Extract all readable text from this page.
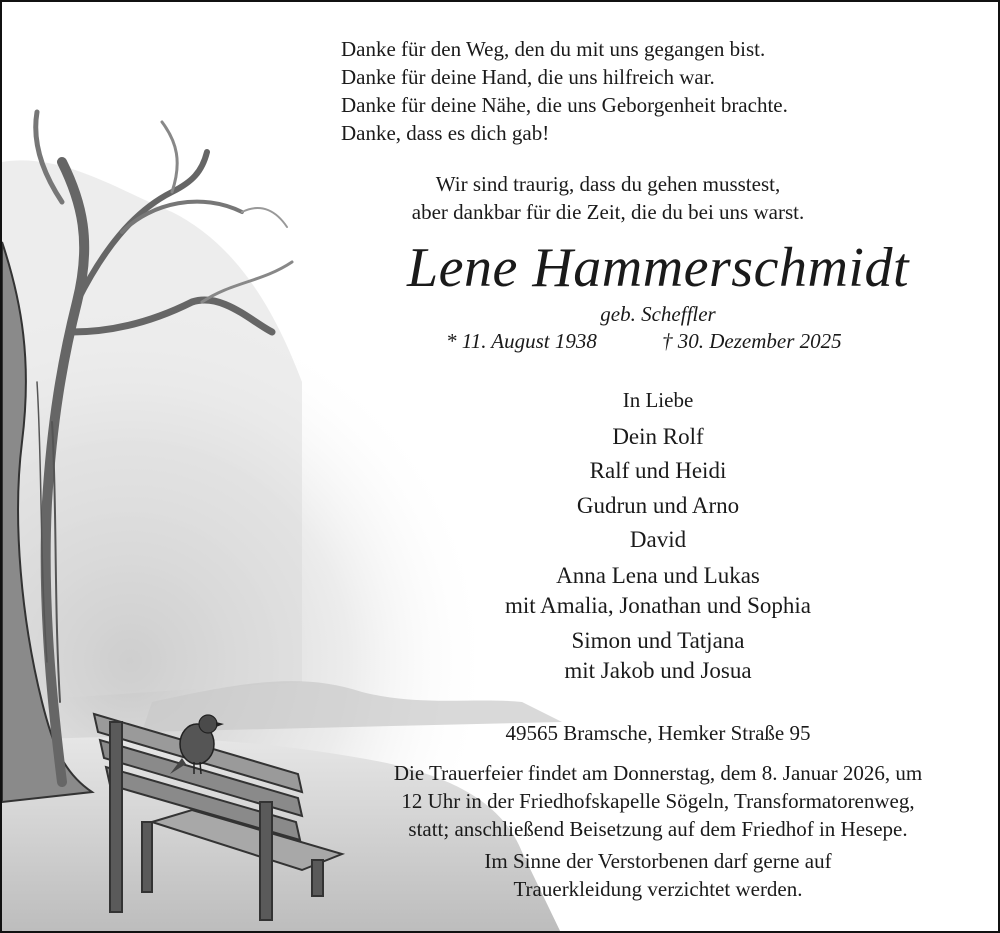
Danke für den Weg, den du mit uns gegangen bist.
Danke für deine Hand, die uns hilfreich war.
Danke für deine Nähe, die uns Geborgenheit brachte.
Danke, dass es dich gab!
Wir sind traurig, dass du gehen musstest,
aber dankbar für die Zeit, die du bei uns warst.
Lene Hammerschmidt
geb. Scheffler
* 11. August 1938	† 30. Dezember 2025
In Liebe
Dein Rolf
Ralf und Heidi
Gudrun und Arno
David
Anna Lena und Lukas
mit Amalia, Jonathan und Sophia
Simon und Tatjana
mit Jakob und Josua
49565 Bramsche, Hemker Straße 95
Die Trauerfeier findet am Donnerstag, dem 8. Januar 2026, um
12 Uhr in der Friedhofskapelle Sögeln, Transformatorenweg,
statt; anschließend Beisetzung auf dem Friedhof in Hesepe.
Im Sinne der Verstorbenen darf gerne auf
Trauerkleidung verzichtet werden.
